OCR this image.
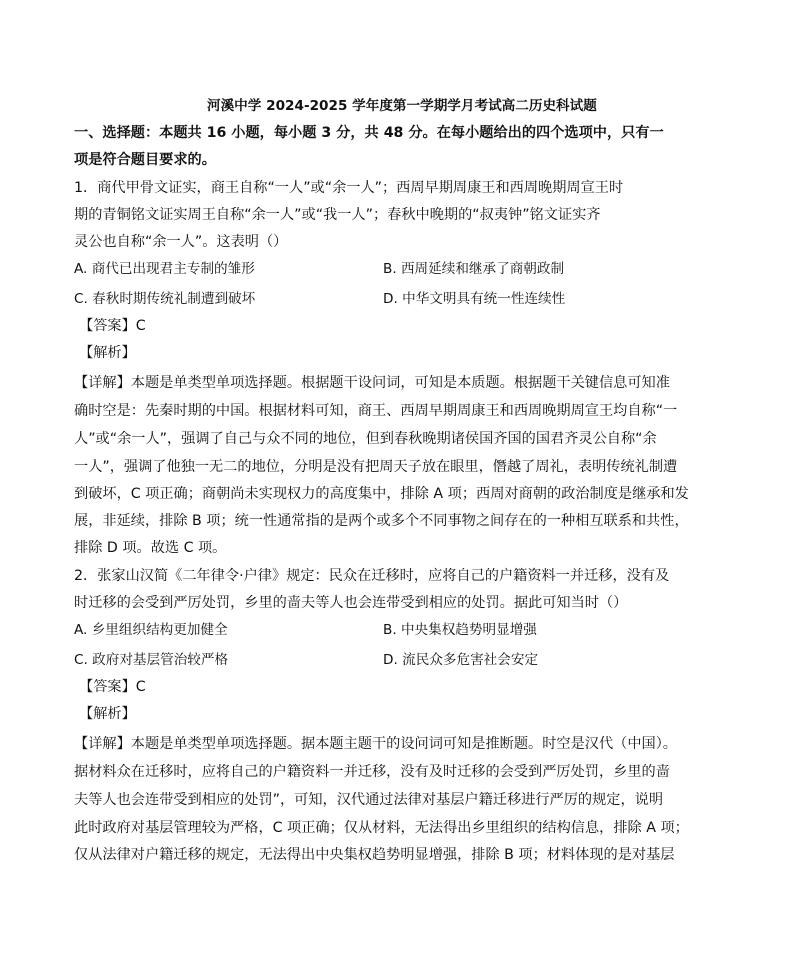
河溪中学 2024-2025 学年度第一学期学月考试高二历史科试题
一、选择题：本题共 16 小题，每小题 3 分，共 48 分。在每小题给出的四个选项中，只有一
项是符合题目要求的。
1．商代甲骨文证实，商王自称“一人”或“余一人”；西周早期周康王和西周晚期周宣王时
期的青铜铭文证实周王自称“余一人”或“我一人”；春秋中晚期的“叔夷钟”铭文证实齐
灵公也自称“余一人”。这表明（）
A. 商代已出现君主专制的雏形	B. 西周延续和继承了商朝政制
C. 春秋时期传统礼制遭到破坏	D. 中华文明具有统一性连续性
【答案】C
【解析】
【详解】本题是单类型单项选择题。根据题干设问词，可知是本质题。根据题干关键信息可知准
确时空是：先秦时期的中国。根据材料可知，商王、西周早期周康王和西周晚期周宣王均自称“一
人”或“余一人”，强调了自己与众不同的地位，但到春秋晚期诸侯国齐国的国君齐灵公自称“余
一人”，强调了他独一无二的地位，分明是没有把周天子放在眼里，僭越了周礼，表明传统礼制遭
到破坏，C 项正确；商朝尚未实现权力的高度集中，排除 A 项；西周对商朝的政治制度是继承和发
展，非延续，排除 B 项；统一性通常指的是两个或多个不同事物之间存在的一种相互联系和共性，
排除 D 项。故选 C 项。
2．张家山汉简《二年律令·户律》规定：民众在迁移时，应将自己的户籍资料一并迁移，没有及
时迁移的会受到严厉处罚，乡里的啬夫等人也会连带受到相应的处罚。据此可知当时（）
A. 乡里组织结构更加健全	B. 中央集权趋势明显增强
C. 政府对基层管治较严格	D. 流民众多危害社会安定
【答案】C
【解析】
【详解】本题是单类型单项选择题。据本题主题干的设问词可知是推断题。时空是汉代（中国）。
据材料众在迁移时，应将自己的户籍资料一并迁移，没有及时迁移的会受到严厉处罚，乡里的啬
夫等人也会连带受到相应的处罚”，可知，汉代通过法律对基层户籍迁移进行严厉的规定，说明
此时政府对基层管理较为严格，C 项正确；仅从材料，无法得出乡里组织的结构信息，排除 A 项；
仅从法律对户籍迁移的规定，无法得出中央集权趋势明显增强，排除 B 项；材料体现的是对基层
